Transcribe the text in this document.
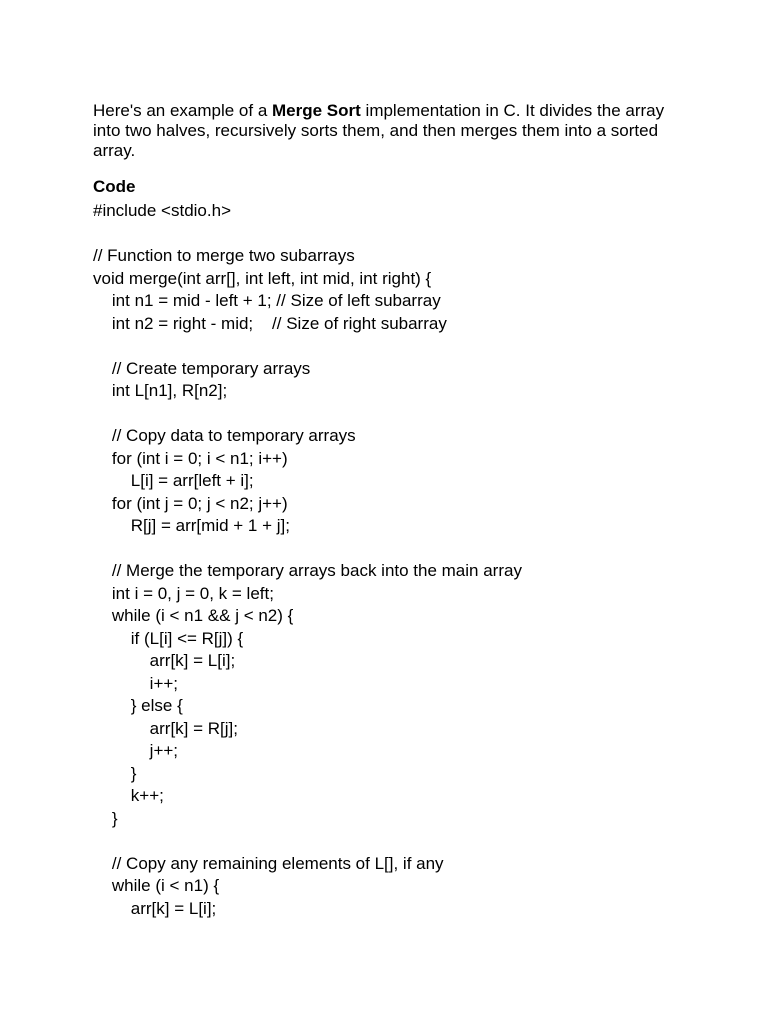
Here's an example of a Merge Sort implementation in C. It divides the array into two halves, recursively sorts them, and then merges them into a sorted array.

Code
#include <stdio.h>
// Function to merge two subarrays
void merge(int arr[], int left, int mid, int right) {
int n1 = mid - left + 1; // Size of left subarray
int n2 = right - mid;    // Size of right subarray
// Create temporary arrays
int L[n1], R[n2];
// Copy data to temporary arrays
for (int i = 0; i < n1; i++)
L[i] = arr[left + i];
for (int j = 0; j < n2; j++)
R[j] = arr[mid + 1 + j];
// Merge the temporary arrays back into the main array
int i = 0, j = 0, k = left;
while (i < n1 && j < n2) {
if (L[i] <= R[j]) {
arr[k] = L[i];
i++;
} else {
arr[k] = R[j];
j++;
}
k++;
}
// Copy any remaining elements of L[], if any
while (i < n1) {
arr[k] = L[i];
